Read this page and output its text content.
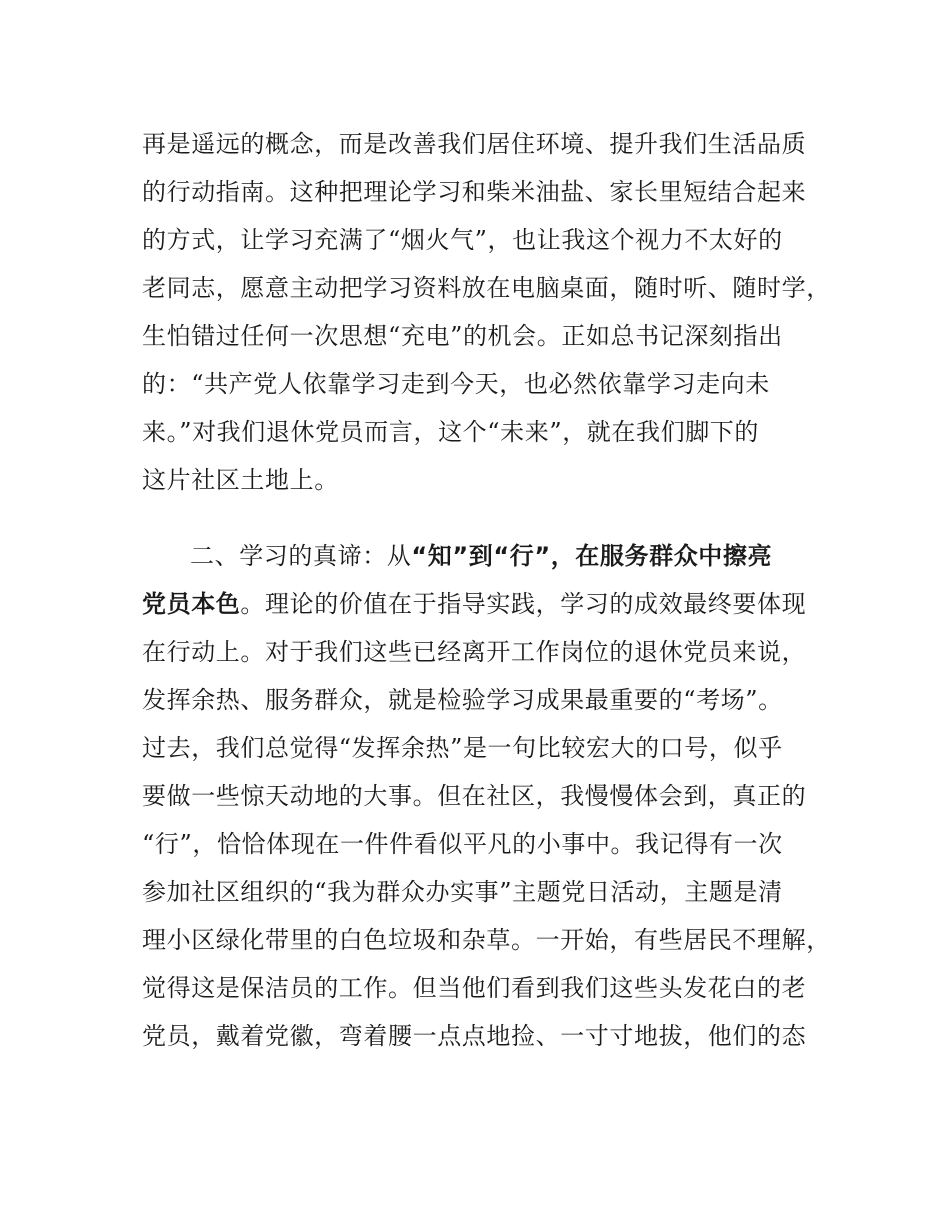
再是遥远的概念，而是改善我们居住环境、提升我们生活品质
的行动指南。这种把理论学习和柴米油盐、家长里短结合起来
的方式，让学习充满了“烟火气”，也让我这个视力不太好的
老同志，愿意主动把学习资料放在电脑桌面，随时听、随时学，
生怕错过任何一次思想“充电”的机会。正如总书记深刻指出
的：“共产党人依靠学习走到今天，也必然依靠学习走向未
来。”对我们退休党员而言，这个“未来”，就在我们脚下的
这片社区土地上。
二、学习的真谛：从“知”到“行”，在服务群众中擦亮
党员本色。理论的价值在于指导实践，学习的成效最终要体现
在行动上。对于我们这些已经离开工作岗位的退休党员来说，
发挥余热、服务群众，就是检验学习成果最重要的“考场”。
过去，我们总觉得“发挥余热”是一句比较宏大的口号，似乎
要做一些惊天动地的大事。但在社区，我慢慢体会到，真正的
“行”，恰恰体现在一件件看似平凡的小事中。我记得有一次
参加社区组织的“我为群众办实事”主题党日活动，主题是清
理小区绿化带里的白色垃圾和杂草。一开始，有些居民不理解，
觉得这是保洁员的工作。但当他们看到我们这些头发花白的老
党员，戴着党徽，弯着腰一点点地捡、一寸寸地拔，他们的态
